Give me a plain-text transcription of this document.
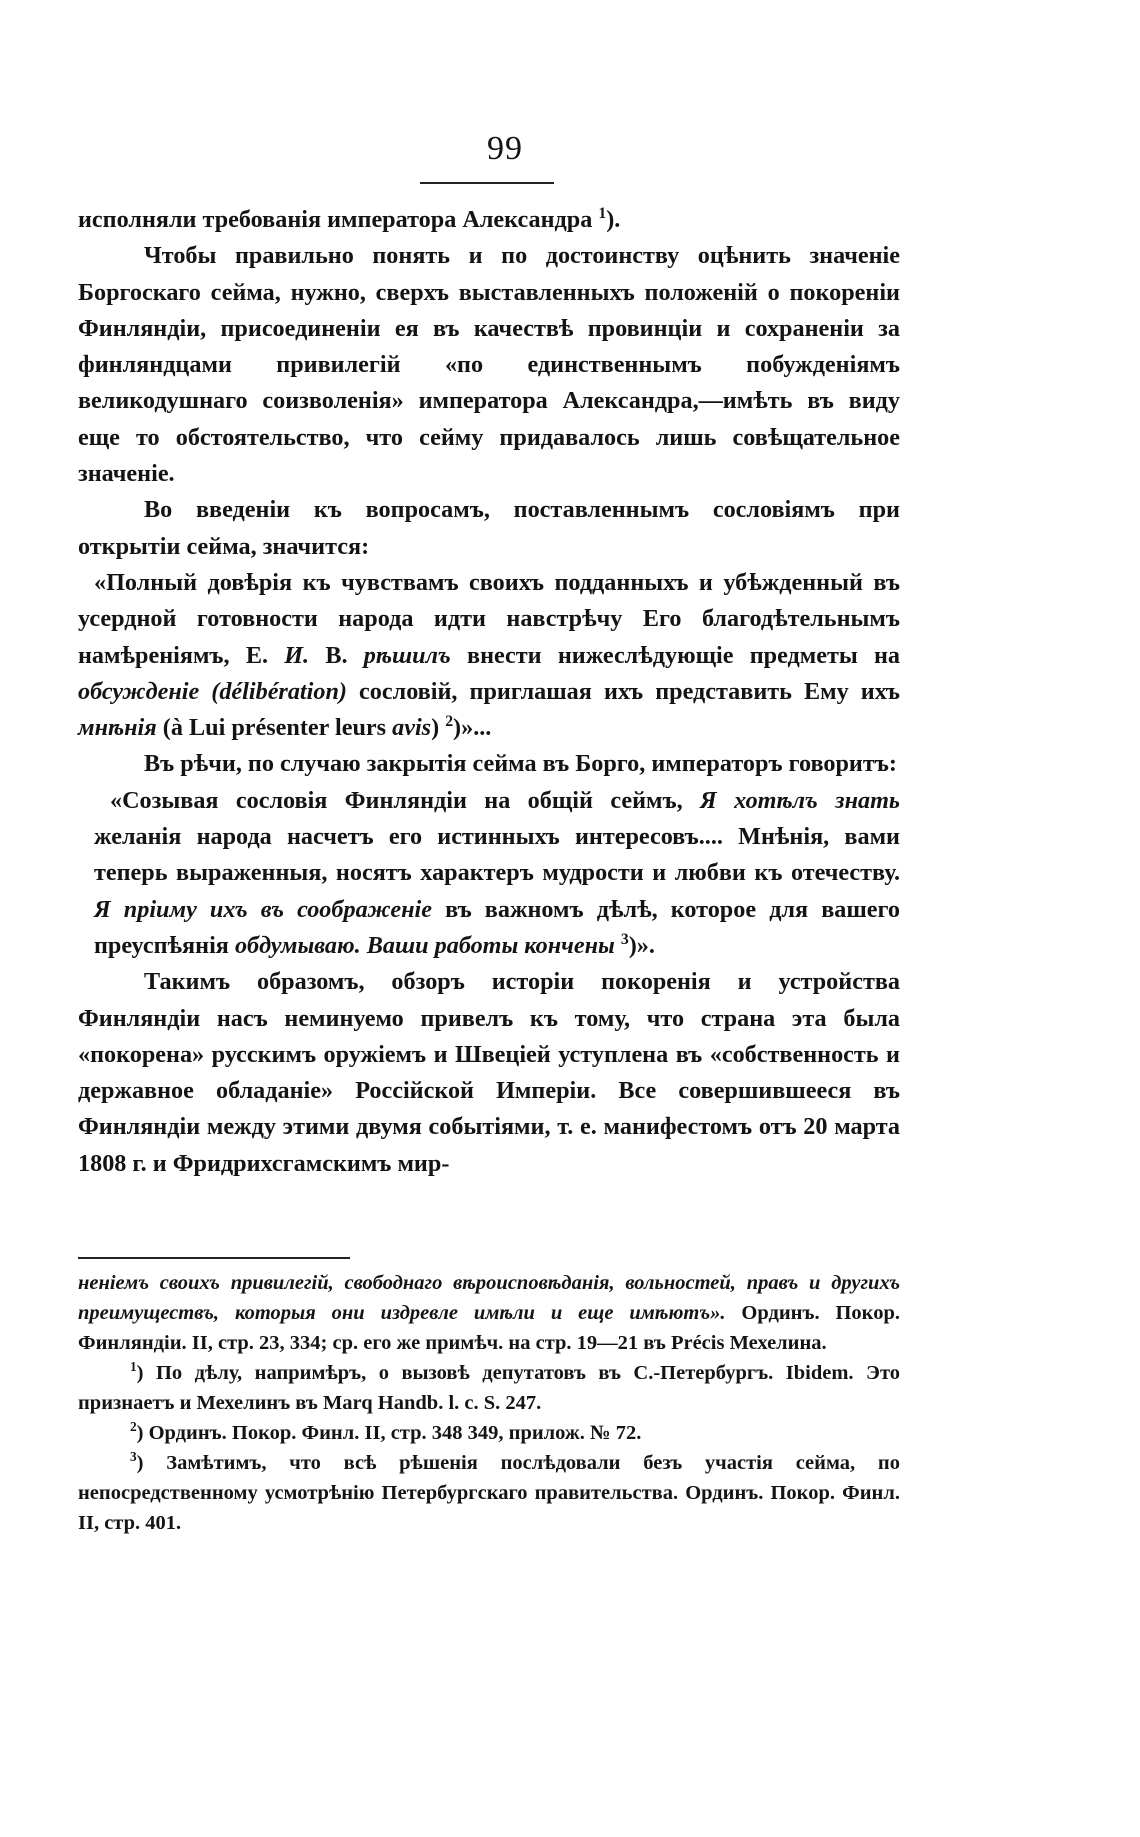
99

исполняли требованія императора Александра $^1$).

Чтобы правильно понять и по достоинству оцѣнить значеніе Боргоскаго сейма, нужно, сверхъ выставленныхъ положеній о покореніи Финляндіи, присоединеніи ея въ качествѣ провинціи и сохраненіи за финляндцами привилегій «по единственнымъ побужденіямъ великодушнаго соизволенія» императора Александра,—имѣть въ виду еще то обстоятельство, что сейму придавалось лишь совѣщательное значеніе.

Во введеніи къ вопросамъ, поставленнымъ сословіямъ при открытіи сейма, значится:

«Полный довѣрія къ чувствамъ своихъ подданныхъ и убѣжденный въ усердной готовности народа идти навстрѣчу Его благодѣтельнымъ намѣреніямъ, Е. И. В. рѣшилъ внести нижеслѣдующіе предметы на обсужденіе (délibération) сословій, приглашая ихъ представить Ему ихъ мнѣнія (à Lui présenter leurs avis) $^2$)»...

Въ рѣчи, по случаю закрытія сейма въ Борго, императоръ говоритъ:

«Созывая сословія Финляндіи на общій сеймъ, Я хотѣлъ знать желанія народа насчетъ его истинныхъ интересовъ.... Мнѣнія, вами теперь выраженныя, носятъ характеръ мудрости и любви къ отечеству. Я пріиму ихъ въ соображеніе въ важномъ дѣлѣ, которое для вашего преуспѣянія обдумываю. Ваши работы кончены $^3$)».

Такимъ образомъ, обзоръ исторіи покоренія и устройства Финляндіи насъ неминуемо привелъ къ тому, что страна эта была «покорена» русскимъ оружіемъ и Швеціей уступлена въ «собственность и державное обладаніе» Россійской Имперіи. Все совершившееся въ Финляндіи между этими двумя событіями, т. е. манифестомъ отъ 20 марта 1808 г. и Фридрихсгамскимъ мир-

неніемъ своихъ привилегій, свободнаго вѣроисповѣданія, вольностей, правъ и другихъ преимуществъ, которыя они издревле имѣли и еще имѣютъ». Ординъ. Покор. Финляндіи. II, стр. 23, 334; ср. его же примѣч. на стр. 19—21 въ Précis Мехелина.

$^1$) По дѣлу, напримѣръ, о вызовѣ депутатовъ въ С.-Петербургъ. Ibidem. Это признаетъ и Мехелинъ въ Marq Handb. l. c. S. 247.

$^2$) Ординъ. Покор. Финл. II, стр. 348 349, прилож. № 72.

$^3$) Замѣтимъ, что всѣ рѣшенія послѣдовали безъ участія сейма, по непосредственному усмотрѣнію Петербургскаго правительства. Ординъ. Покор. Финл. II, стр. 401.
